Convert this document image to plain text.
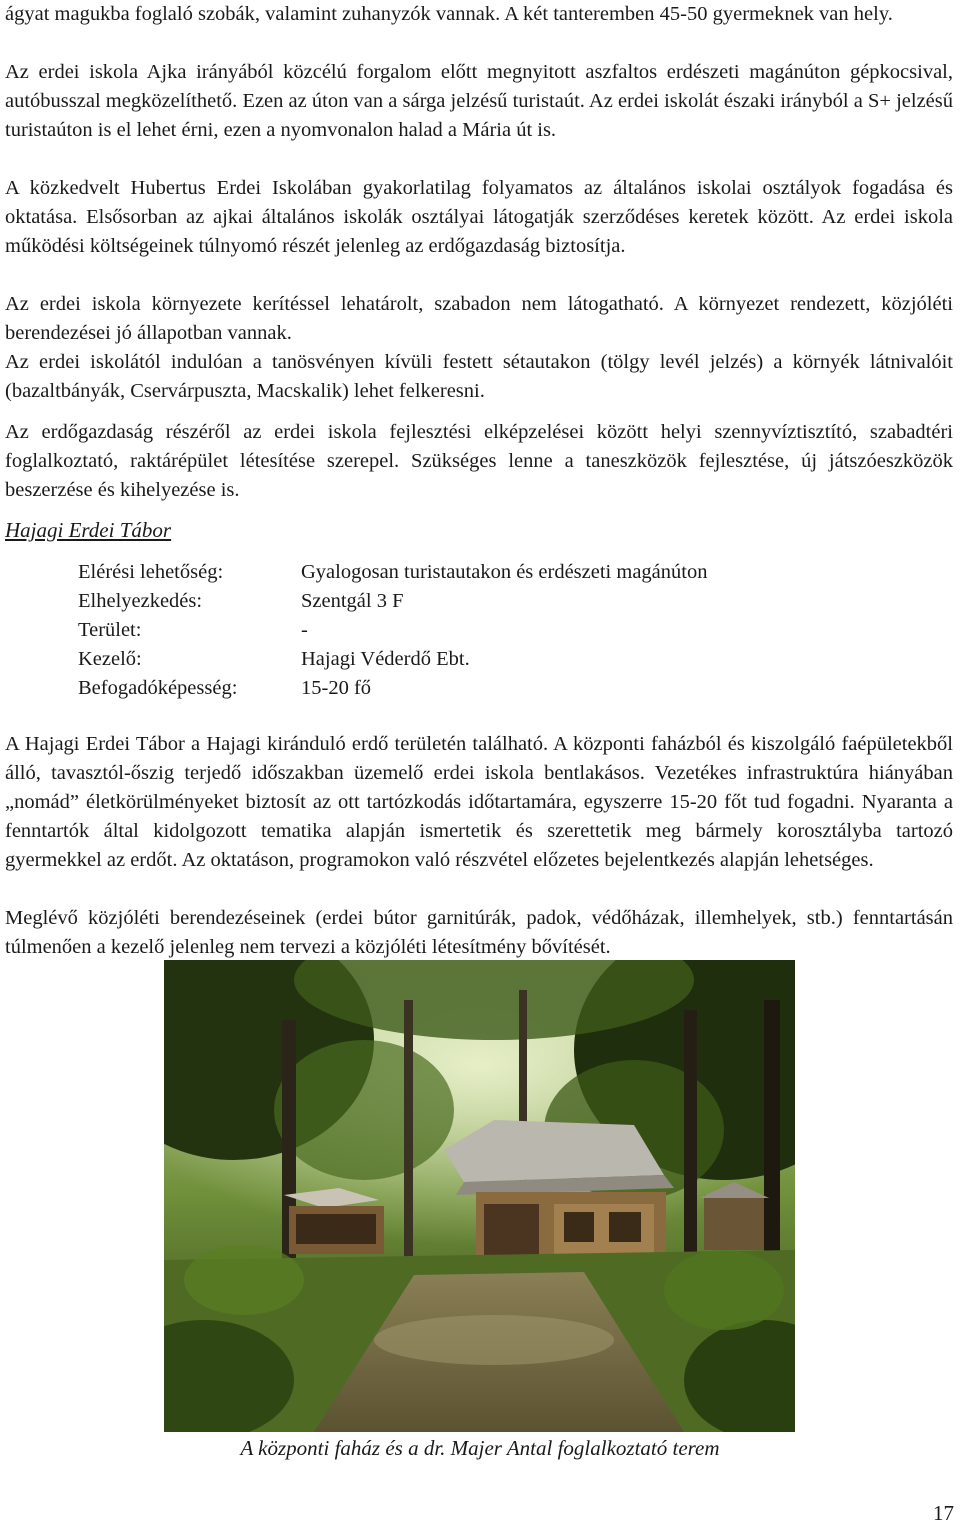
ágyat magukba foglaló szobák, valamint zuhanyzók vannak. A két tanteremben 45-50 gyermeknek van hely.

Az erdei iskola Ajka irányából közcélú forgalom előtt megnyitott aszfaltos erdészeti magánúton gépkocsival, autóbusszal megközelíthető. Ezen az úton van a sárga jelzésű turistaút. Az erdei iskolát északi irányból a S+ jelzésű turistaúton is el lehet érni, ezen a nyomvonalon halad a Mária út is.

A közkedvelt Hubertus Erdei Iskolában gyakorlatilag folyamatos az általános iskolai osztályok fogadása és oktatása. Elsősorban az ajkai általános iskolák osztályai látogatják szerződéses keretek között. Az erdei iskola működési költségeinek túlnyomó részét jelenleg az erdőgazdaság biztosítja.

Az erdei iskola környezete kerítéssel lehatárolt, szabadon nem látogatható. A környezet rendezett, közjóléti berendezései jó állapotban vannak.

Az erdei iskolától indulóan a tanösvényen kívüli festett sétautakon (tölgy levél jelzés) a környék látnivalóit (bazaltbányák, Cservárpuszta, Macskalik) lehet felkeresni.

Az erdőgazdaság részéről az erdei iskola fejlesztési elképzelései között helyi szennyvíztisztító, szabadtéri foglalkoztató, raktárépület létesítése szerepel. Szükséges lenne a taneszközök fejlesztése, új játszóeszközök beszerzése és kihelyezése is.

Hajagi Erdei Tábor

Elérési lehetőség:	Gyalogosan turistautakon és erdészeti magánúton
Elhelyezkedés:	Szentgál 3 F
Terület:	-
Kezelő:	Hajagi Véderdő Ebt.
Befogadóképesség:	15-20 fő

A Hajagi Erdei Tábor a Hajagi kiránduló erdő területén található. A központi faházból és kiszolgáló faépületekből álló, tavasztól-őszig terjedő időszakban üzemelő erdei iskola bentlakásos. Vezetékes infrastruktúra hiányában „nomád” életkörülményeket biztosít az ott tartózkodás időtartamára, egyszerre 15-20 főt tud fogadni. Nyaranta a fenntartók által kidolgozott tematika alapján ismertetik és szerettetik meg bármely korosztályba tartozó gyermekkel az erdőt. Az oktatáson, programokon való részvétel előzetes bejelentkezés alapján lehetséges.

Meglévő közjóléti berendezéseinek (erdei bútor garnitúrák, padok, védőházak, illemhelyek, stb.) fenntartásán túlmenően a kezelő jelenleg nem tervezi a közjóléti létesítmény bővítését.

A központi faház és a dr. Majer Antal foglalkoztató terem

17
